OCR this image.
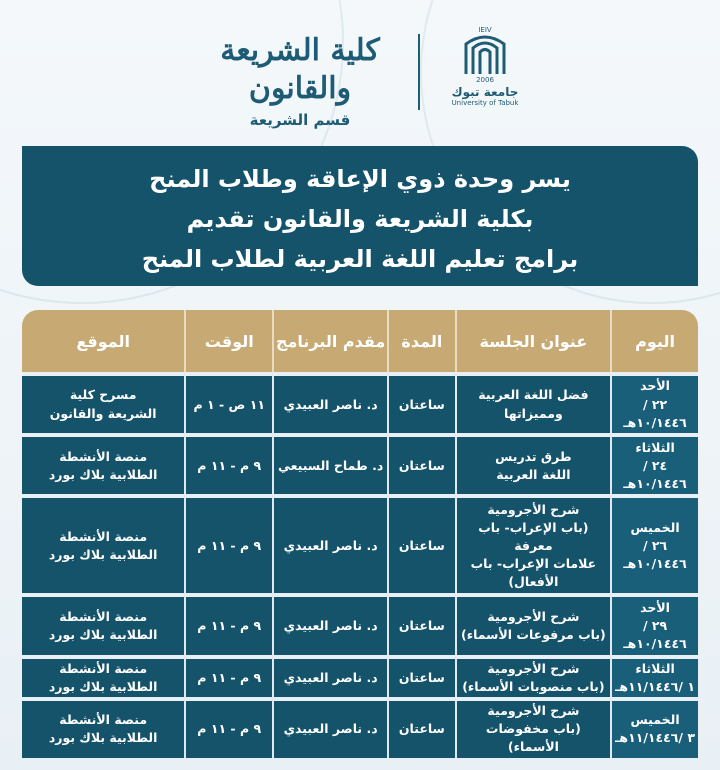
كلية الشريعة والقانون
قسم الشريعة
IEIV
2006
جامعة تبوك
University of Tabuk
يسر وحدة ذوي الإعاقة وطلاب المنح
بكلية الشريعة والقانون تقديم
برامج تعليم اللغة العربية لطلاب المنح
اليوم	عنوان الجلسة	المدة	مقدم البرنامج	الوقت	الموقع

الأحد
٢٢ /١٠/١٤٤٦هـ	فضل اللغة العربية
ومميزاتها	ساعتان	د. ناصر العبيدي	١١ ص - ١ م	مسرح كلية
الشريعة والقانون

الثلاثاء
٢٤ /١٠/١٤٤٦هـ	طرق تدريس
اللغة العربية	ساعتان	د. طماح السبيعي	٩ م - ١١ م	منصة الأنشطة
الطلابية بلاك بورد

الخميس
٢٦ /١٠/١٤٤٦هـ	شرح الأجرومية
(باب الإعراب- باب معرفة
علامات الإعراب- باب الأفعال)	ساعتان	د. ناصر العبيدي	٩ م - ١١ م	منصة الأنشطة
الطلابية بلاك بورد

الأحد
٢٩ /١٠/١٤٤٦هـ	شرح الأجرومية
(باب مرفوعات الأسماء)	ساعتان	د. ناصر العبيدي	٩ م - ١١ م	منصة الأنشطة
الطلابية بلاك بورد

الثلاثاء
١ /١١/١٤٤٦هـ	شرح الأجرومية
(باب منصوبات الأسماء)	ساعتان	د. ناصر العبيدي	٩ م - ١١ م	منصة الأنشطة
الطلابية بلاك بورد

الخميس
٣ /١١/١٤٤٦هـ	شرح الأجرومية
(باب مخفوضات الأسماء)	ساعتان	د. ناصر العبيدي	٩ م - ١١ م	منصة الأنشطة
الطلابية بلاك بورد
